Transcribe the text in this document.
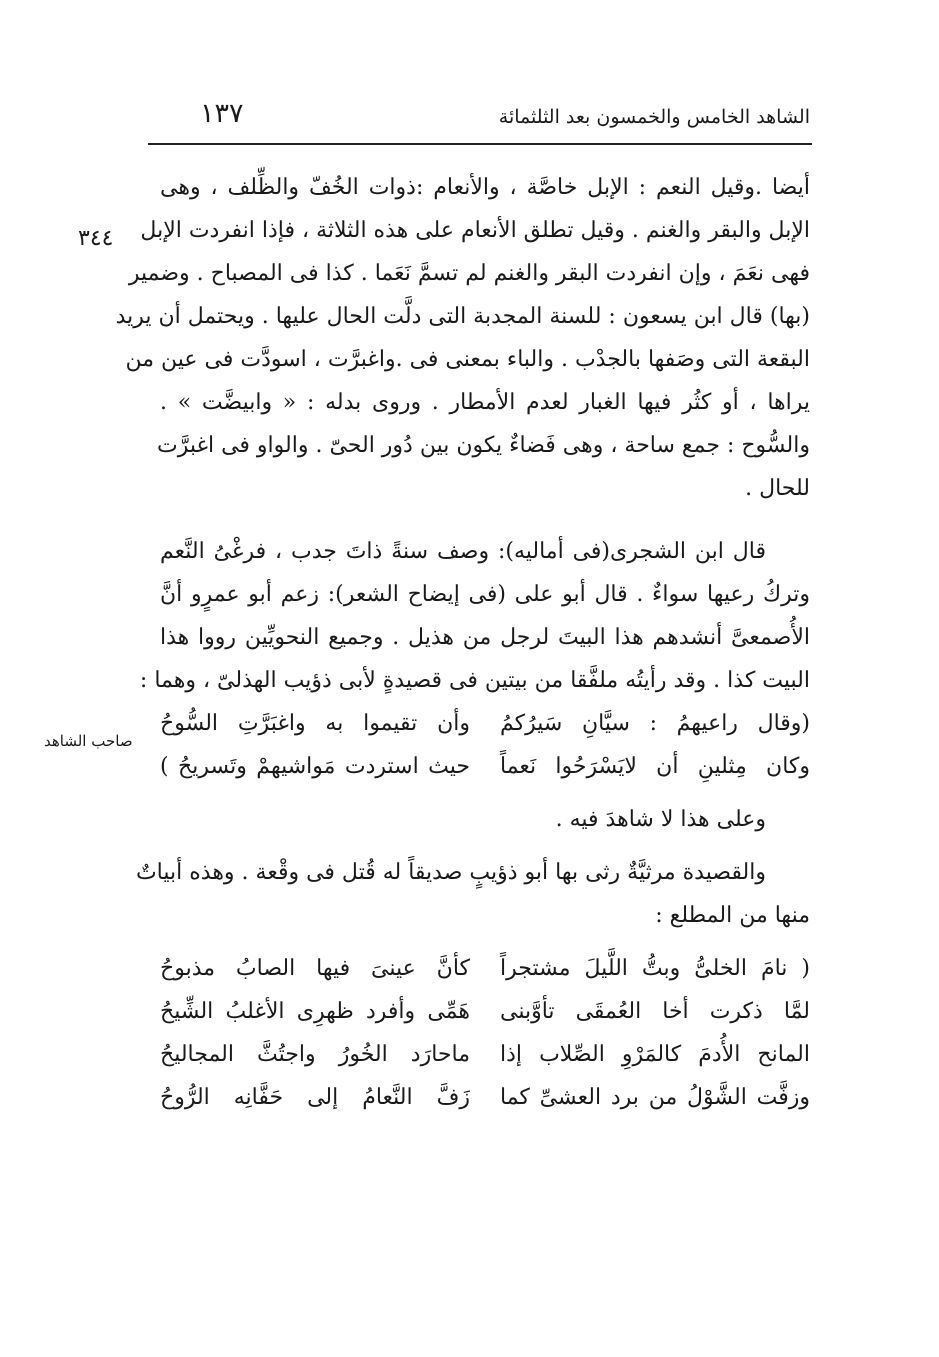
الشاهد الخامس والخمسون بعد الثلثمائة
١٣٧
٣٤٤
صاحب الشاهد
أيضا .وقيل النعم : الإبل خاصَّة ، والأنعام :ذوات الخُفّ والظِّلف ، وهى
الإبل والبقر والغنم . وقيل تطلق الأنعام على هذه الثلاثة ، فإذا انفردت الإبل
فهى نعَمَ ، وإن انفردت البقر والغنم لم تسمَّ نَعَما . كذا فى المصباح . وضمير
(بها) قال ابن يسعون : للسنة المجدبة التى دلَّت الحال عليها . ويحتمل أن يريد
البقعة التى وصَفها بالجدْب . والباء بمعنى فى .واغبرَّت ، اسودَّت فى عين من
يراها ، أو كثُر فيها الغبار لعدم الأمطار . وروى بدله : « وابيضَّت » .
والسُّوح : جمع ساحة ، وهى فَضاءٌ يكون بين دُور الحىّ . والواو فى اغبرَّت
للحال .
قال ابن الشجرى(فى أماليه): وصف سنةً ذاتَ جدب ، فرغْىُ النَّعم
وتركُ رعيها سواءٌ . قال أبو على (فى إيضاح الشعر): زعم أبو عمرٍو أنَّ
الأُصمعىَّ أنشدهم هذا البيتَ لرجل من هذيل . وجميع النحويِّين رووا هذا
البيت كذا . وقد رأيتُه ملفَّقا من بيتين فى قصيدةٍ لأبى ذؤيب الهذلىّ ، وهما :
(وقال راعيهمُ : سيَّانِ سَيرُكمُ
وأن تقيموا به واغبَرَّتِ السُّوحُ
وكان مِثلينِ أن لايَسْرَحُوا نَعماً
حيث استردت مَواشيهمْ وتَسريحُ )
وعلى هذا لا شاهدَ فيه .
والقصيدة مرثيَّةٌ رثى بها أبو ذؤيبٍ صديقاً له قُتل فى وقْعة . وهذه أبياتٌ
منها من المطلع :
( نامَ الخلىُّ وبتُّ اللَّيلَ مشتجراً
كأنَّ عينىَ فيها الصابُ مذبوحُ
لمَّا ذكرت أخا العُمقَى تأوَّبنى
هَمِّى وأفرد ظهرِى الأغلبُ الشِّيحُ
المانح الأُدمَ كالمَرْوِ الصِّلاب إذا
ماحارَد الخُورُ واجتُثَّ المجاليحُ
وزفَّت الشَّوْلُ من برد العشىِّ كما
زَفَّ النَّعامُ إلى حَفَّانِه الرُّوحُ
